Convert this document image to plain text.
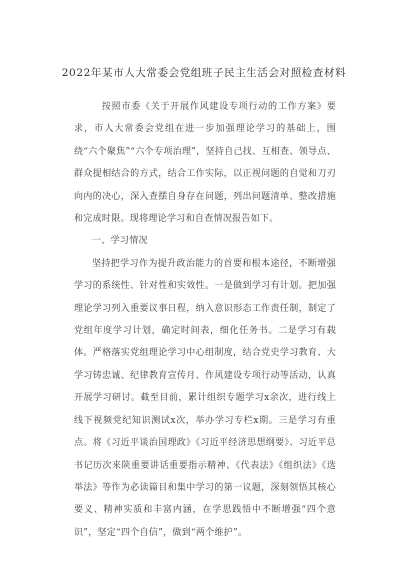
2022年某市人大常委会党组班子民主生活会对照检查材料

按照市委《关于开展作风建设专项行动的工作方案》要求，市人大常委会党组在进一步加强理论学习的基础上，围绕“六个聚焦”“六个专项治理”，坚持自己找、互相查、领导点、群众提相结合的方式，结合工作实际，以正视问题的自觉和刀刃向内的决心，深入查摆自身存在问题，列出问题清单、整改措施和完成时限。现将理论学习和自查情况报告如下。

一、学习情况

坚持把学习作为提升政治能力的首要和根本途径，不断增强学习的系统性、针对性和实效性。一是做到学习有计划。把加强理论学习列入重要议事日程，纳入意识形态工作责任制，制定了党组年度学习计划，确定时间表，细化任务书。二是学习有载体。严格落实党组理论学习中心组制度，结合党史学习教育、大学习铸忠诚、纪律教育宣传月、作风建设专项行动等活动，认真开展学习研讨。截至目前，累计组织专题学习x余次，进行线上线下视频党纪知识测试x次，举办学习专栏x期。三是学习有重点。将《习近平谈治国理政》《习近平经济思想纲要》、习近平总书记历次来陕重要讲话重要指示精神、《代表法》《组织法》《选举法》等作为必读篇目和集中学习的第一议题，深刻领悟其核心要义、精神实质和丰富内涵，在学思践悟中不断增强“四个意识”，坚定“四个自信”，做到“两个维护”。
